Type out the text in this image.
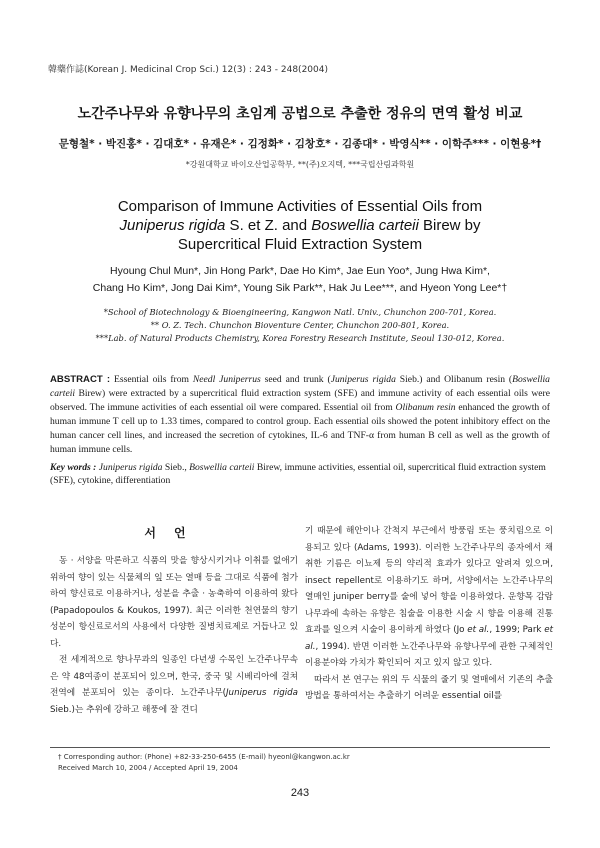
韓藥作誌(Korean J. Medicinal Crop Sci.) 12(3) : 243 - 248(2004)
노간주나무와 유향나무의 초임계 공법으로 추출한 정유의 면역 활성 비교
문형철* · 박진홍* · 김대호* · 유재은* · 김정화* · 김창호* · 김종대* · 박영식** · 이학주*** · 이현용*†
*강원대학교 바이오산업공학부, **(주)오지텍, ***국립산림과학원
Comparison of Immune Activities of Essential Oils from
Juniperus rigida S. et Z. and Boswellia carteii Birew by
Supercritical Fluid Extraction System
Hyoung Chul Mun*, Jin Hong Park*, Dae Ho Kim*, Jae Eun Yoo*, Jung Hwa Kim*,
Chang Ho Kim*, Jong Dai Kim*, Young Sik Park**, Hak Ju Lee***, and Hyeon Yong Lee*†
*School of Biotechnology & Bioengineering, Kangwon Natl. Univ., Chunchon 200-701, Korea.
** O. Z. Tech. Chunchon Bioventure Center, Chunchon 200-801, Korea.
***Lab. of Natural Products Chemistry, Korea Forestry Research Institute, Seoul 130-012, Korea.
ABSTRACT : Essential oils from Needl Juniperrus seed and trunk (Juniperus rigida Sieb.) and Olibanum resin (Boswellia carteii Birew) were extracted by a supercritical fluid extraction system (SFE) and immune activity of each essential oils were observed. The immune activities of each essential oil were compared. Essential oil from Olibanum resin enhanced the growth of human immune T cell up to 1.33 times, compared to control group. Each essential oils showed the potent inhibitory effect on the human cancer cell lines, and increased the secretion of cytokines, IL-6 and TNF-α from human B cell as well as the growth of human immune cells.
Key words : Juniperus rigida Sieb., Boswellia carteii Birew, immune activities, essential oil, supercritical fluid extraction system (SFE), cytokine, differentiation
서언

동 · 서양을 막론하고 식품의 맛을 향상시키거나 이취를 없애기 위하여 향이 있는 식물체의 잎 또는 열매 등을 그대로 식품에 첨가하여 향신료로 이용하거나, 성분을 추출 · 농축하여 이용하여 왔다 (Papadopoulos & Koukos, 1997). 최근 이러한 천연물의 향기성분이 항신료로서의 사용에서 다양한 질병치료제로 거듭나고 있다.

전 세계적으로 향나무과의 일종인 다년생 수목인 노간주나무속은 약 48여종이 분포되어 있으며, 한국, 중국 및 시베리아에 걸쳐 전역에 분포되어 있는 종이다. 노간주나무(Juniperus rigida Sieb.)는 추위에 강하고 해풍에 잘 견디

기 때문에 해안이나 간척지 부근에서 방풍림 또는 풍치림으로 이용되고 있다 (Adams, 1993). 이러한 노간주나무의 종자에서 채취한 기름은 이뇨제 등의 약리적 효과가 있다고 알려져 있으며, insect repellent로 이용하기도 하며, 서양에서는 노간주나무의 열매인 juniper berry를 술에 넣어 향을 이용하였다. 운향목 감람나무과에 속하는 유향은 침술을 이용한 시술 시 향을 이용해 진통 효과를 일으켜 시술이 용이하게 하였다 (Jo et al., 1999; Park et al., 1994). 반면 이러한 노간주나무와 유향나무에 관한 구체적인 이용분야와 가치가 확인되어 지고 있지 않고 있다.

따라서 본 연구는 위의 두 식물의 줄기 및 열매에서 기존의 추출방법을 통하여서는 추출하기 어려운 essential oil를

† Corresponding author: (Phone) +82-33-250-6455 (E-mail) hyeonl@kangwon.ac.kr
Received March 10, 2004 / Accepted April 19, 2004
243
